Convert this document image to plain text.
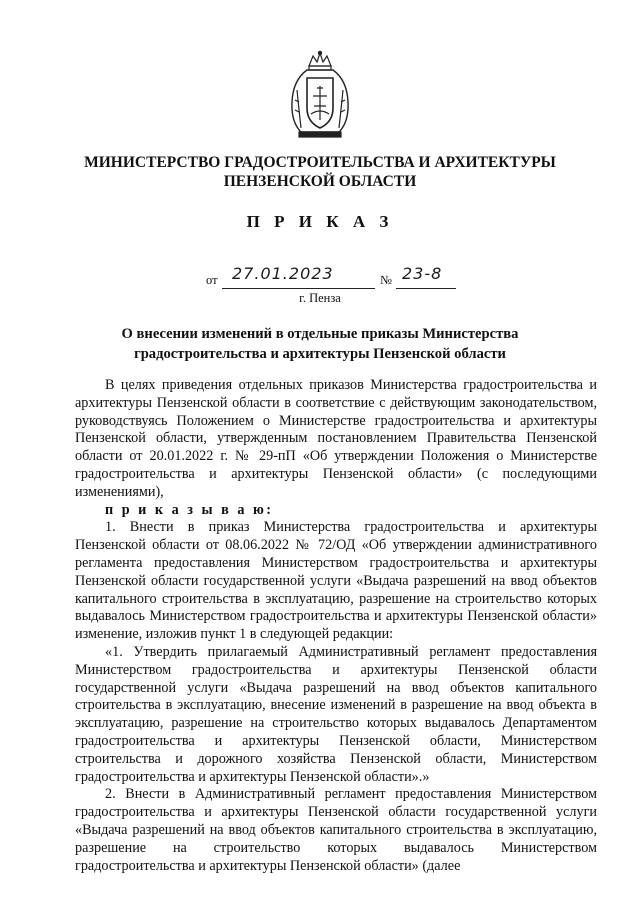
МИНИСТЕРСТВО ГРАДОСТРОИТЕЛЬСТВА И АРХИТЕКТУРЫ
ПЕНЗЕНСКОЙ ОБЛАСТИ
П Р И К А З
от 27.01.2023	№ 23-8
г. Пенза
О внесении изменений в отдельные приказы Министерства
градостроительства и архитектуры Пензенской области

В целях приведения отдельных приказов Министерства градостроительства и архитектуры Пензенской области в соответствие с действующим законодательством, руководствуясь Положением о Министерстве градостроительства и архитектуры Пензенской области, утвержденным постановлением Правительства Пензенской области от 20.01.2022 г. № 29-пП «Об утверждении Положения о Министерстве градостроительства и архитектуры Пензенской области» (с последующими изменениями),

п р и к а з ы в а ю:

1. Внести в приказ Министерства градостроительства и архитектуры Пензенской области от 08.06.2022 № 72/ОД «Об утверждении административного регламента предоставления Министерством градостроительства и архитектуры Пензенской области государственной услуги «Выдача разрешений на ввод объектов капитального строительства в эксплуатацию, разрешение на строительство которых выдавалось Министерством градостроительства и архитектуры Пензенской области» изменение, изложив пункт 1 в следующей редакции:

«1. Утвердить прилагаемый Административный регламент предоставления Министерством градостроительства и архитектуры Пензенской области государственной услуги «Выдача разрешений на ввод объектов капитального строительства в эксплуатацию, внесение изменений в разрешение на ввод объекта в эксплуатацию, разрешение на строительство которых выдавалось Департаментом градостроительства и архитектуры Пензенской области, Министерством строительства и дорожного хозяйства Пензенской области, Министерством градостроительства и архитектуры Пензенской области».»

2. Внести в Административный регламент предоставления Министерством градостроительства и архитектуры Пензенской области государственной услуги «Выдача разрешений на ввод объектов капитального строительства в эксплуатацию, разрешение на строительство которых выдавалось Министерством градостроительства и архитектуры Пензенской области» (далее
